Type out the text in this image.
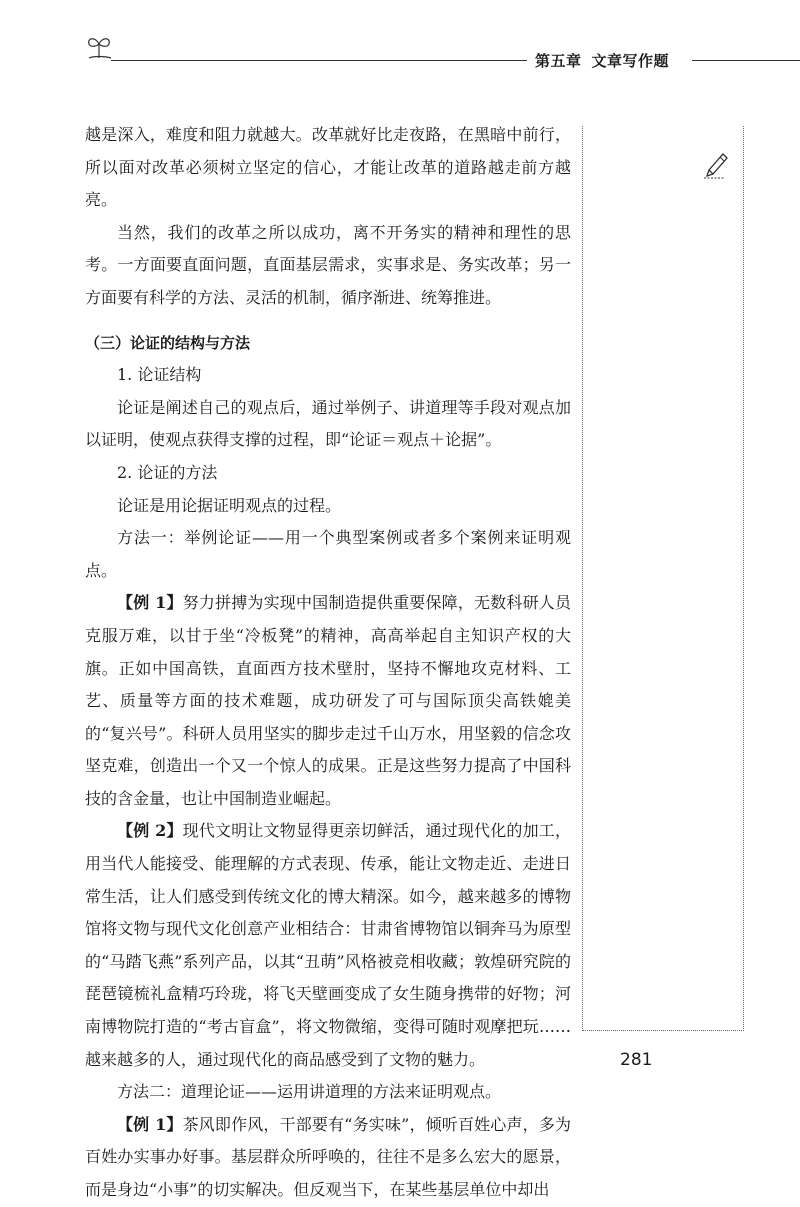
第五章 文章写作题

越是深入，难度和阻力就越大。改革就好比走夜路，在黑暗中前行，所以面对改革必须树立坚定的信心，才能让改革的道路越走前方越亮。

当然，我们的改革之所以成功，离不开务实的精神和理性的思考。一方面要直面问题，直面基层需求，实事求是、务实改革；另一方面要有科学的方法、灵活的机制，循序渐进、统筹推进。

（三）论证的结构与方法

1. 论证结构

论证是阐述自己的观点后，通过举例子、讲道理等手段对观点加以证明，使观点获得支撑的过程，即“论证＝观点＋论据”。

2. 论证的方法

论证是用论据证明观点的过程。

方法一：举例论证——用一个典型案例或者多个案例来证明观点。

【例 1】努力拼搏为实现中国制造提供重要保障，无数科研人员克服万难，以甘于坐“冷板凳”的精神，高高举起自主知识产权的大旗。正如中国高铁，直面西方技术壁肘，坚持不懈地攻克材料、工艺、质量等方面的技术难题，成功研发了可与国际顶尖高铁媲美的“复兴号”。科研人员用坚实的脚步走过千山万水，用坚毅的信念攻坚克难，创造出一个又一个惊人的成果。正是这些努力提高了中国科技的含金量，也让中国制造业崛起。

【例 2】现代文明让文物显得更亲切鲜活，通过现代化的加工，用当代人能接受、能理解的方式表现、传承，能让文物走近、走进日常生活，让人们感受到传统文化的博大精深。如今，越来越多的博物馆将文物与现代文化创意产业相结合：甘肃省博物馆以铜奔马为原型的“马踏飞燕”系列产品，以其“丑萌”风格被竞相收藏；敦煌研究院的琵琶镜梳礼盒精巧玲珑，将飞天壁画变成了女生随身携带的好物；河南博物院打造的“考古盲盒”，将文物微缩，变得可随时观摩把玩……越来越多的人，通过现代化的商品感受到了文物的魅力。

方法二：道理论证——运用讲道理的方法来证明观点。

【例 1】茶风即作风，干部要有“务实味”，倾听百姓心声，多为百姓办实事办好事。基层群众所呼唤的，往往不是多么宏大的愿景，而是身边“小事”的切实解决。但反观当下，在某些基层单位中却出

281
